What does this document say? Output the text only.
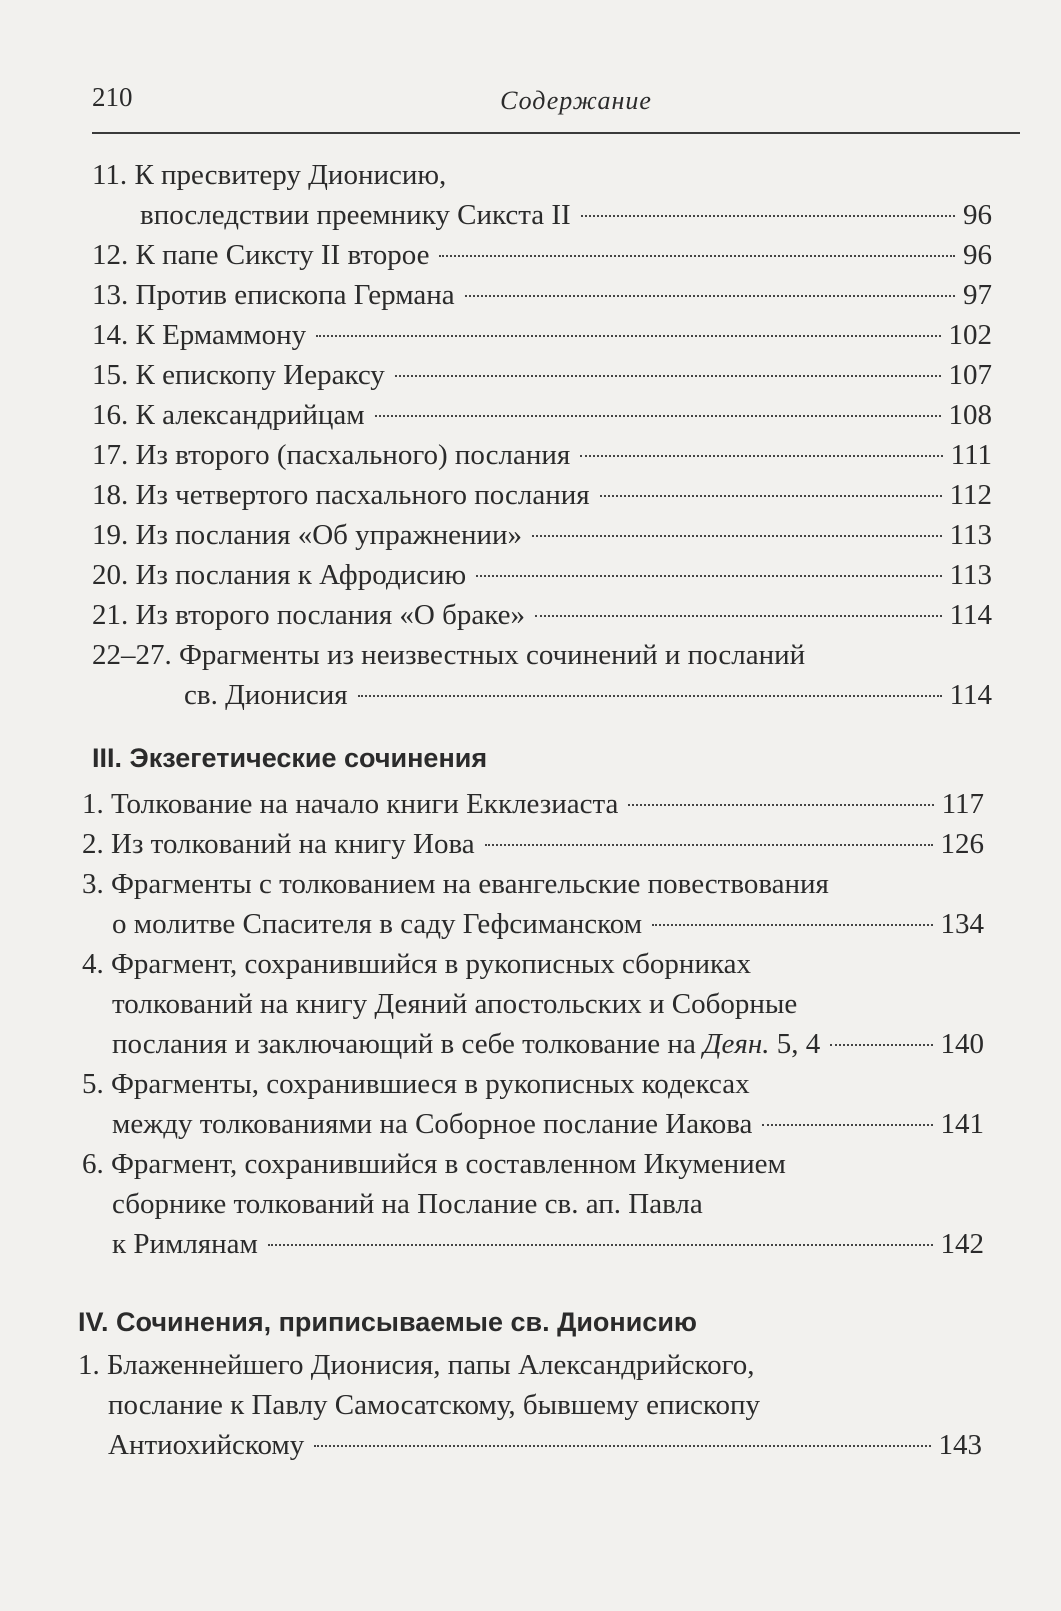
210	Содержание
11. К пресвитеру Дионисию,
впоследствии преемнику Сикста II	96
12. К папе Сиксту II второе	96
13. Против епископа Германа	97
14. К Ермаммону	102
15. К епископу Иераксу	107
16. К александрийцам	108
17. Из второго (пасхального) послания	111
18. Из четвертого пасхального послания	112
19. Из послания «Об упражнении»	113
20. Из послания к Афродисию	113
21. Из второго послания «О браке»	114
22–27. Фрагменты из неизвестных сочинений и посланий
св. Дионисия	114
III. Экзегетические сочинения
1. Толкование на начало книги Екклезиаста	117
2. Из толкований на книгу Иова	126
3. Фрагменты с толкованием на евангельские повествования
о молитве Спасителя в саду Гефсиманском	134
4. Фрагмент, сохранившийся в рукописных сборниках
толкований на книгу Деяний апостольских и Соборные
послания и заключающий в себе толкование на Деян. 5, 4	140
5. Фрагменты, сохранившиеся в рукописных кодексах
между толкованиями на Соборное послание Иакова	141
6. Фрагмент, сохранившийся в составленном Икумением
сборнике толкований на Послание св. ап. Павла
к Римлянам	142
IV. Сочинения, приписываемые св. Дионисию
1. Блаженнейшего Дионисия, папы Александрийского,
послание к Павлу Самосатскому, бывшему епископу
Антиохийскому	143
